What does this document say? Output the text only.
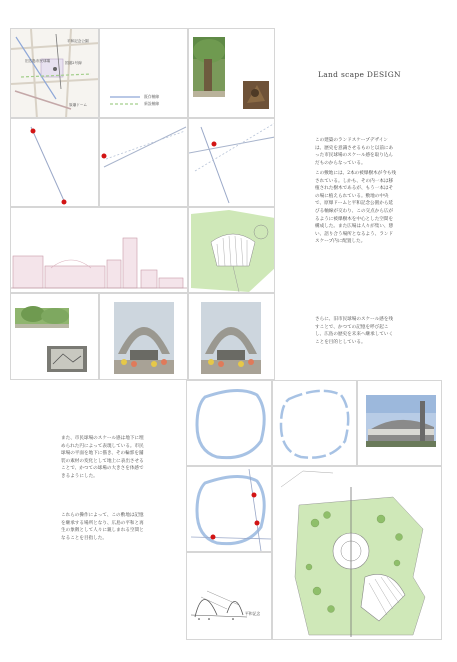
平和記念公園
旧広島市民球場	国道2号線
原爆ドーム
既存軸線
新設軸線
Land scape DESIGN
この建築のランドスケープデザインは、歴史を意識させるものと以前にあった市民球場のスケール感を取り込んだものからなっている。
この敷地には、2本の被爆樹木が今も残されている。しかも、その内一本は移植された樹木であるが、もう一本はその場に植えられている。敷地の中央で、原爆ドームと平和記念公園から延びる軸線が交わり、この交点から広がるように被爆樹木を中心とした空間を構成した。また広場は人々が集い、憩い、語り合う場所となるよう、ランドスケープ内に配置した。
さらに、旧市民球場のスケール感を残すことで、かつての記憶を呼び起こし、広島の歴史を未来へ継承していくことを目的としている。
また、市民球場のスケール感は地下に埋められた円によって表現している。市民球場の平面を地下に描き、その輪郭を舗装の素材の変化として地上に表出させることで、かつての球場の大きさを体感できるようにした。
これらの操作によって、この敷地は記憶を継承する場所となり、広島の平和と再生の象徴として人々に親しまれる空間となることを目指した。
平和記念
